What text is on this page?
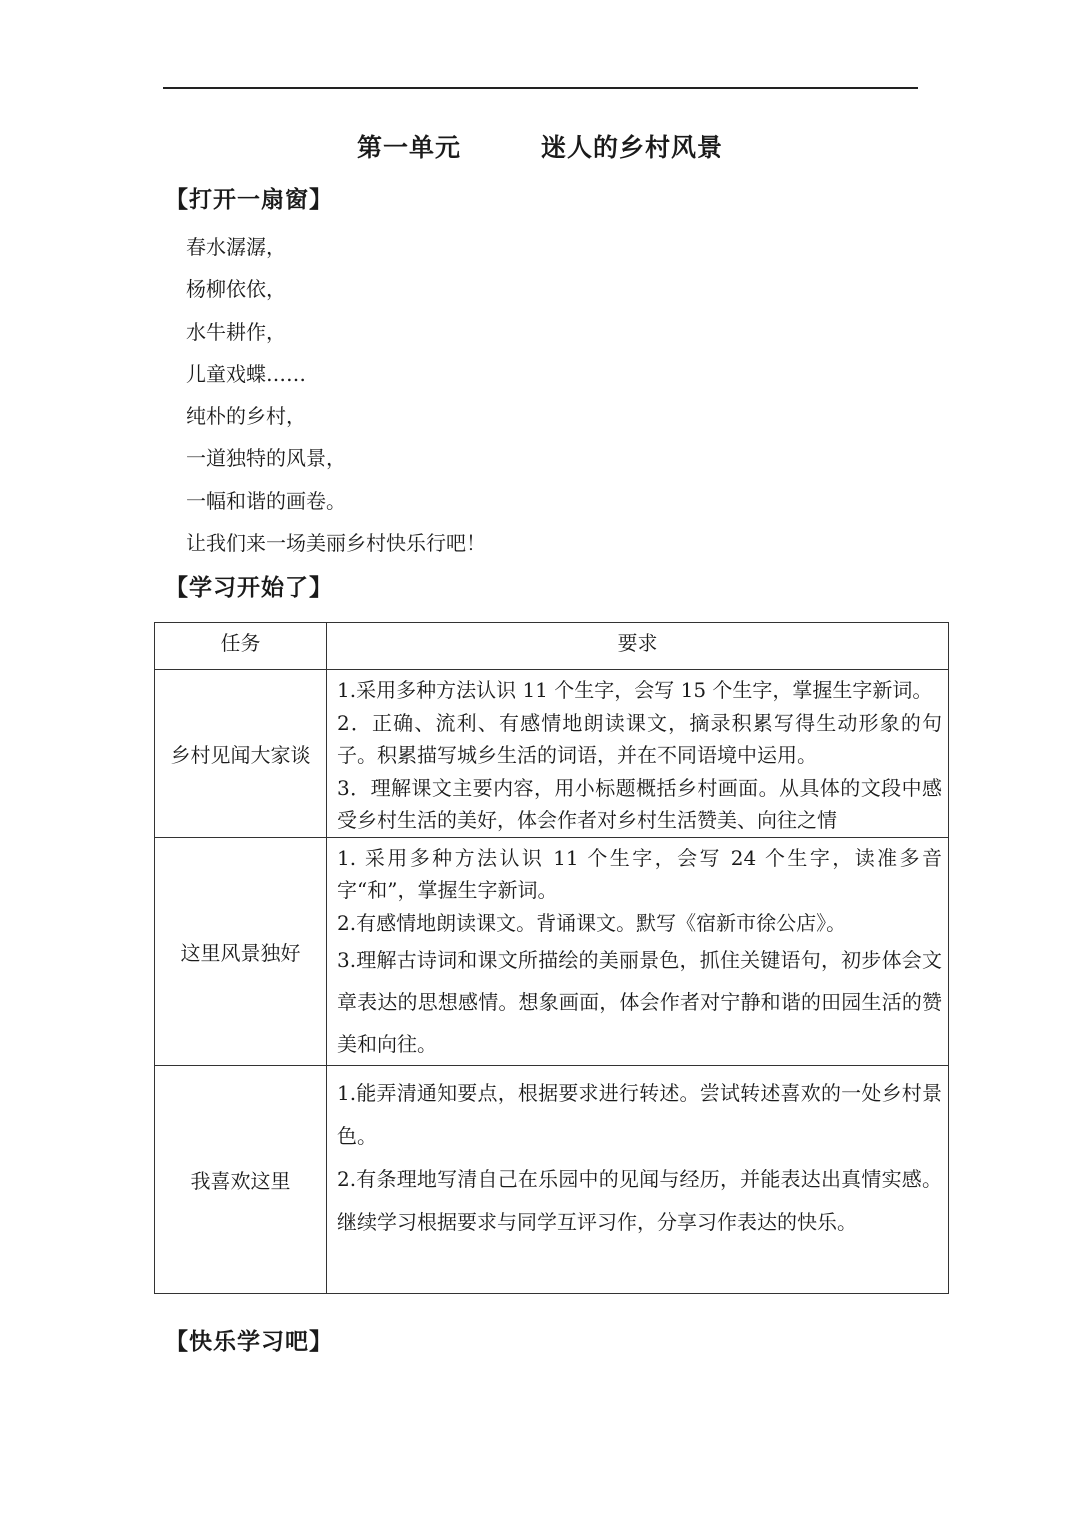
第一单元	迷人的乡村风景
【打开一扇窗】
春水潺潺，
杨柳依依，
水牛耕作，
儿童戏蝶……
纯朴的乡村，
一道独特的风景，
一幅和谐的画卷。
让我们来一场美丽乡村快乐行吧！
【学习开始了】
任务	要求
乡村见闻大家谈	1.采用多种方法认识 11 个生字，会写 15 个生字，掌握生字新词。

2．正确、流利、有感情地朗读课文，摘录积累写得生动形象的句子。积累描写城乡生活的词语，并在不同语境中运用。

3．理解课文主要内容，用小标题概括乡村画面。从具体的文段中感受乡村生活的美好，体会作者对乡村生活赞美、向往之情

这里风景独好	1. 采用多种方法认识 11 个生字，会写 24 个生字，读准多音字“和”，掌握生字新词。

2.有感情地朗读课文。背诵课文。默写《宿新市徐公店》。

3.理解古诗词和课文所描绘的美丽景色，抓住关键语句，初步体会文章表达的思想感情。想象画面，体会作者对宁静和谐的田园生活的赞美和向往。

我喜欢这里	1.能弄清通知要点，根据要求进行转述。尝试转述喜欢的一处乡村景色。

2.有条理地写清自己在乐园中的见闻与经历，并能表达出真情实感。继续学习根据要求与同学互评习作，分享习作表达的快乐。

【快乐学习吧】
